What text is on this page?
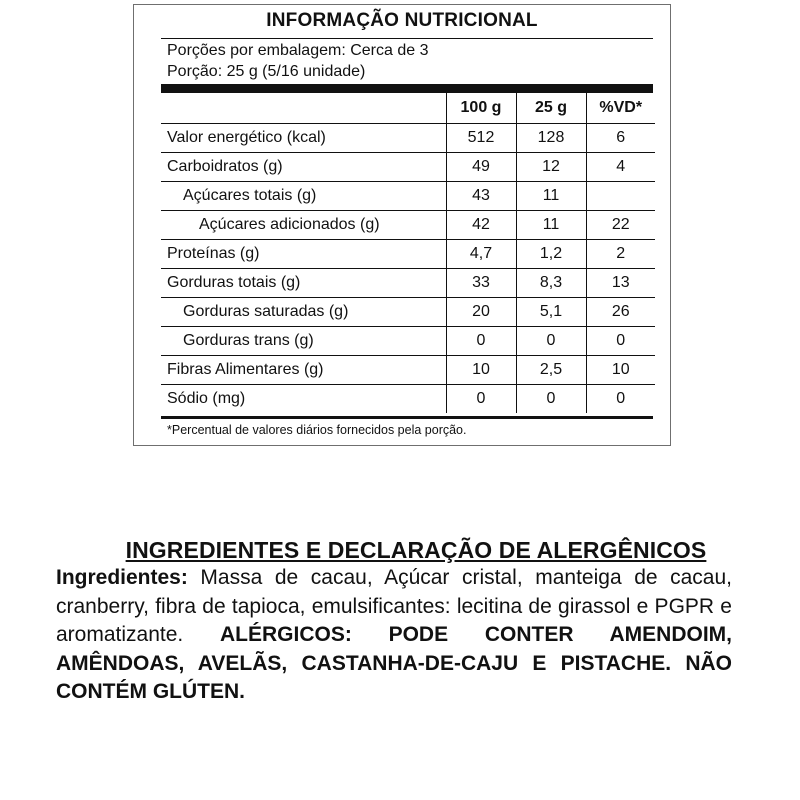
INFORMAÇÃO NUTRICIONAL
Porções por embalagem: Cerca de 3
Porção: 25 g (5/16 unidade)
	100 g	25 g	%VD*
Valor energético (kcal)	512	128	6
Carboidratos (g)	49	12	4
Açúcares totais (g)	43	11	
Açúcares adicionados (g)	42	11	22
Proteínas (g)	4,7	1,2	2
Gorduras totais (g)	33	8,3	13
Gorduras saturadas (g)	20	5,1	26
Gorduras trans (g)	0	0	0
Fibras Alimentares (g)	10	2,5	10
Sódio (mg)	0	0	0
*Percentual de valores diários fornecidos pela porção.
INGREDIENTES E DECLARAÇÃO DE ALERGÊNICOS
Ingredientes: Massa de cacau, Açúcar cristal, manteiga de cacau, cranberry, fibra de tapioca, emulsificantes: lecitina de girassol e PGPR e aromatizante. ALÉRGICOS: PODE CONTER AMENDOIM, AMÊNDOAS, AVELÃS, CASTANHA-DE-CAJU E PISTACHE. NÃO CONTÉM GLÚTEN.
